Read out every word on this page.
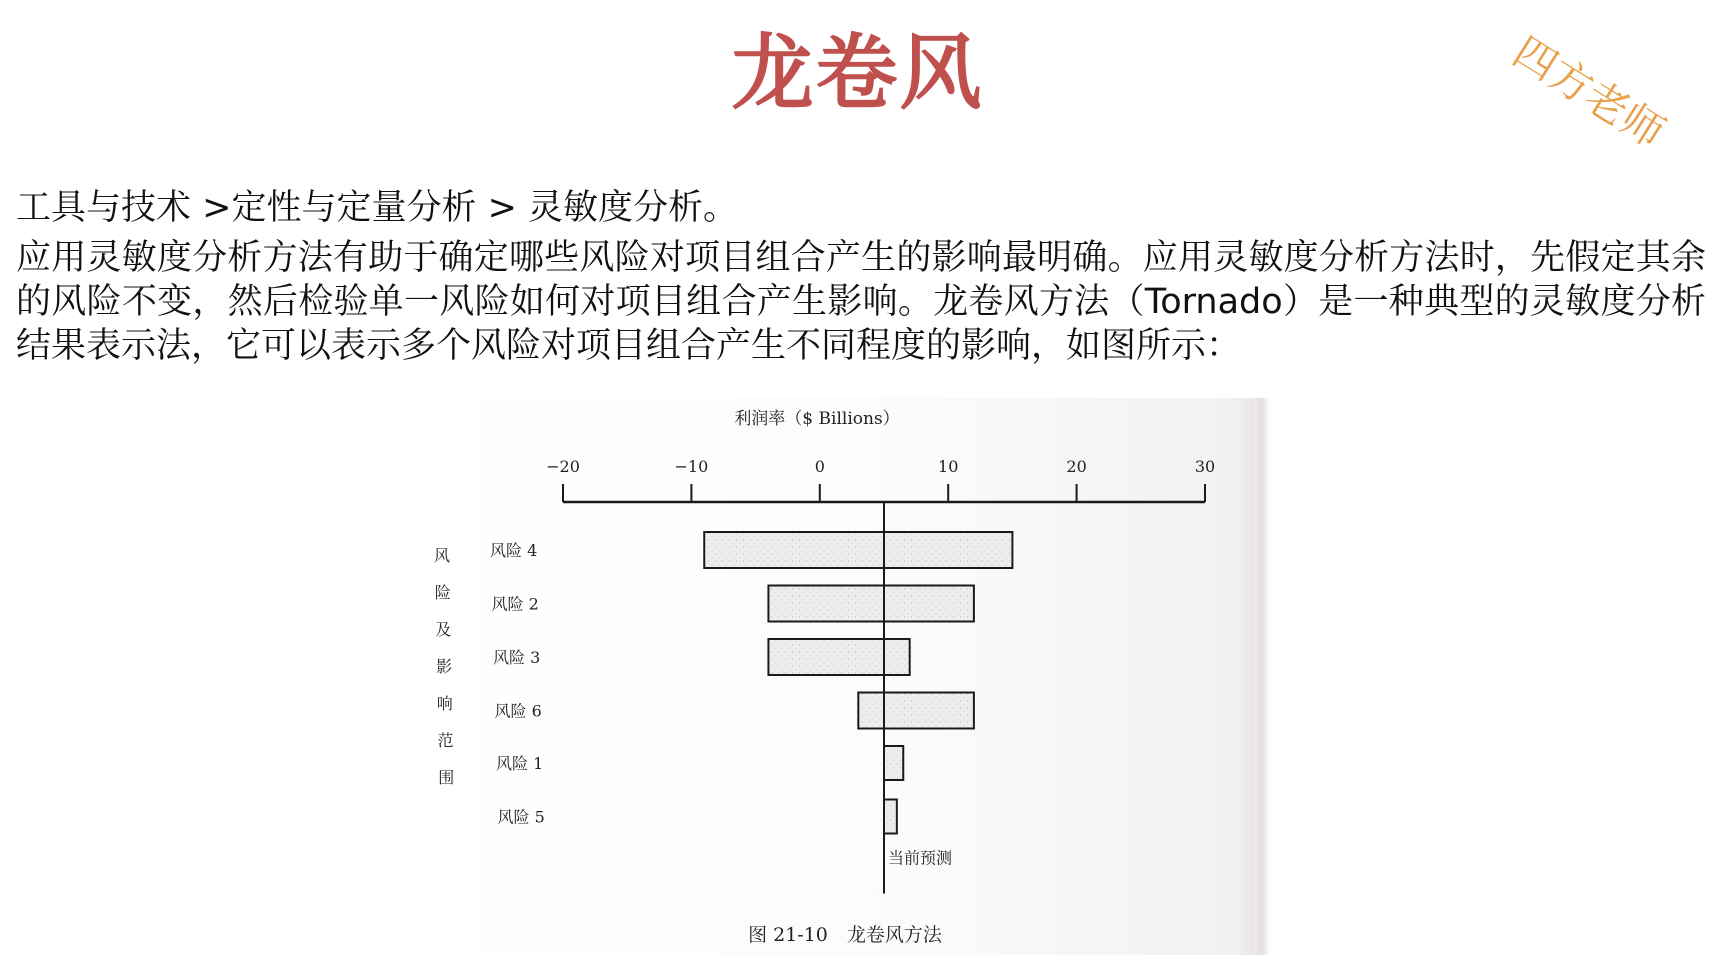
龙卷风	四方老师

工具与技术 >定性与定量分析 > 灵敏度分析。

应用灵敏度分析方法有助于确定哪些风险对项目组合产生的影响最明确。应用灵敏度分析方法时，先假定其余的风险不变，然后检验单一风险如何对项目组合产生影响。龙卷风方法（Tornado）是一种典型的灵敏度分析结果表示法，它可以表示多个风险对项目组合产生不同程度的影响，如图所示：

利润率（$ Billions）
−20	−10	0	10	20	30
风险 4
风险 2
风险 3
风险 6
风险 1
风险 5
风
险
及
影
响
范
围
当前预测

图 21-10　龙卷风方法
